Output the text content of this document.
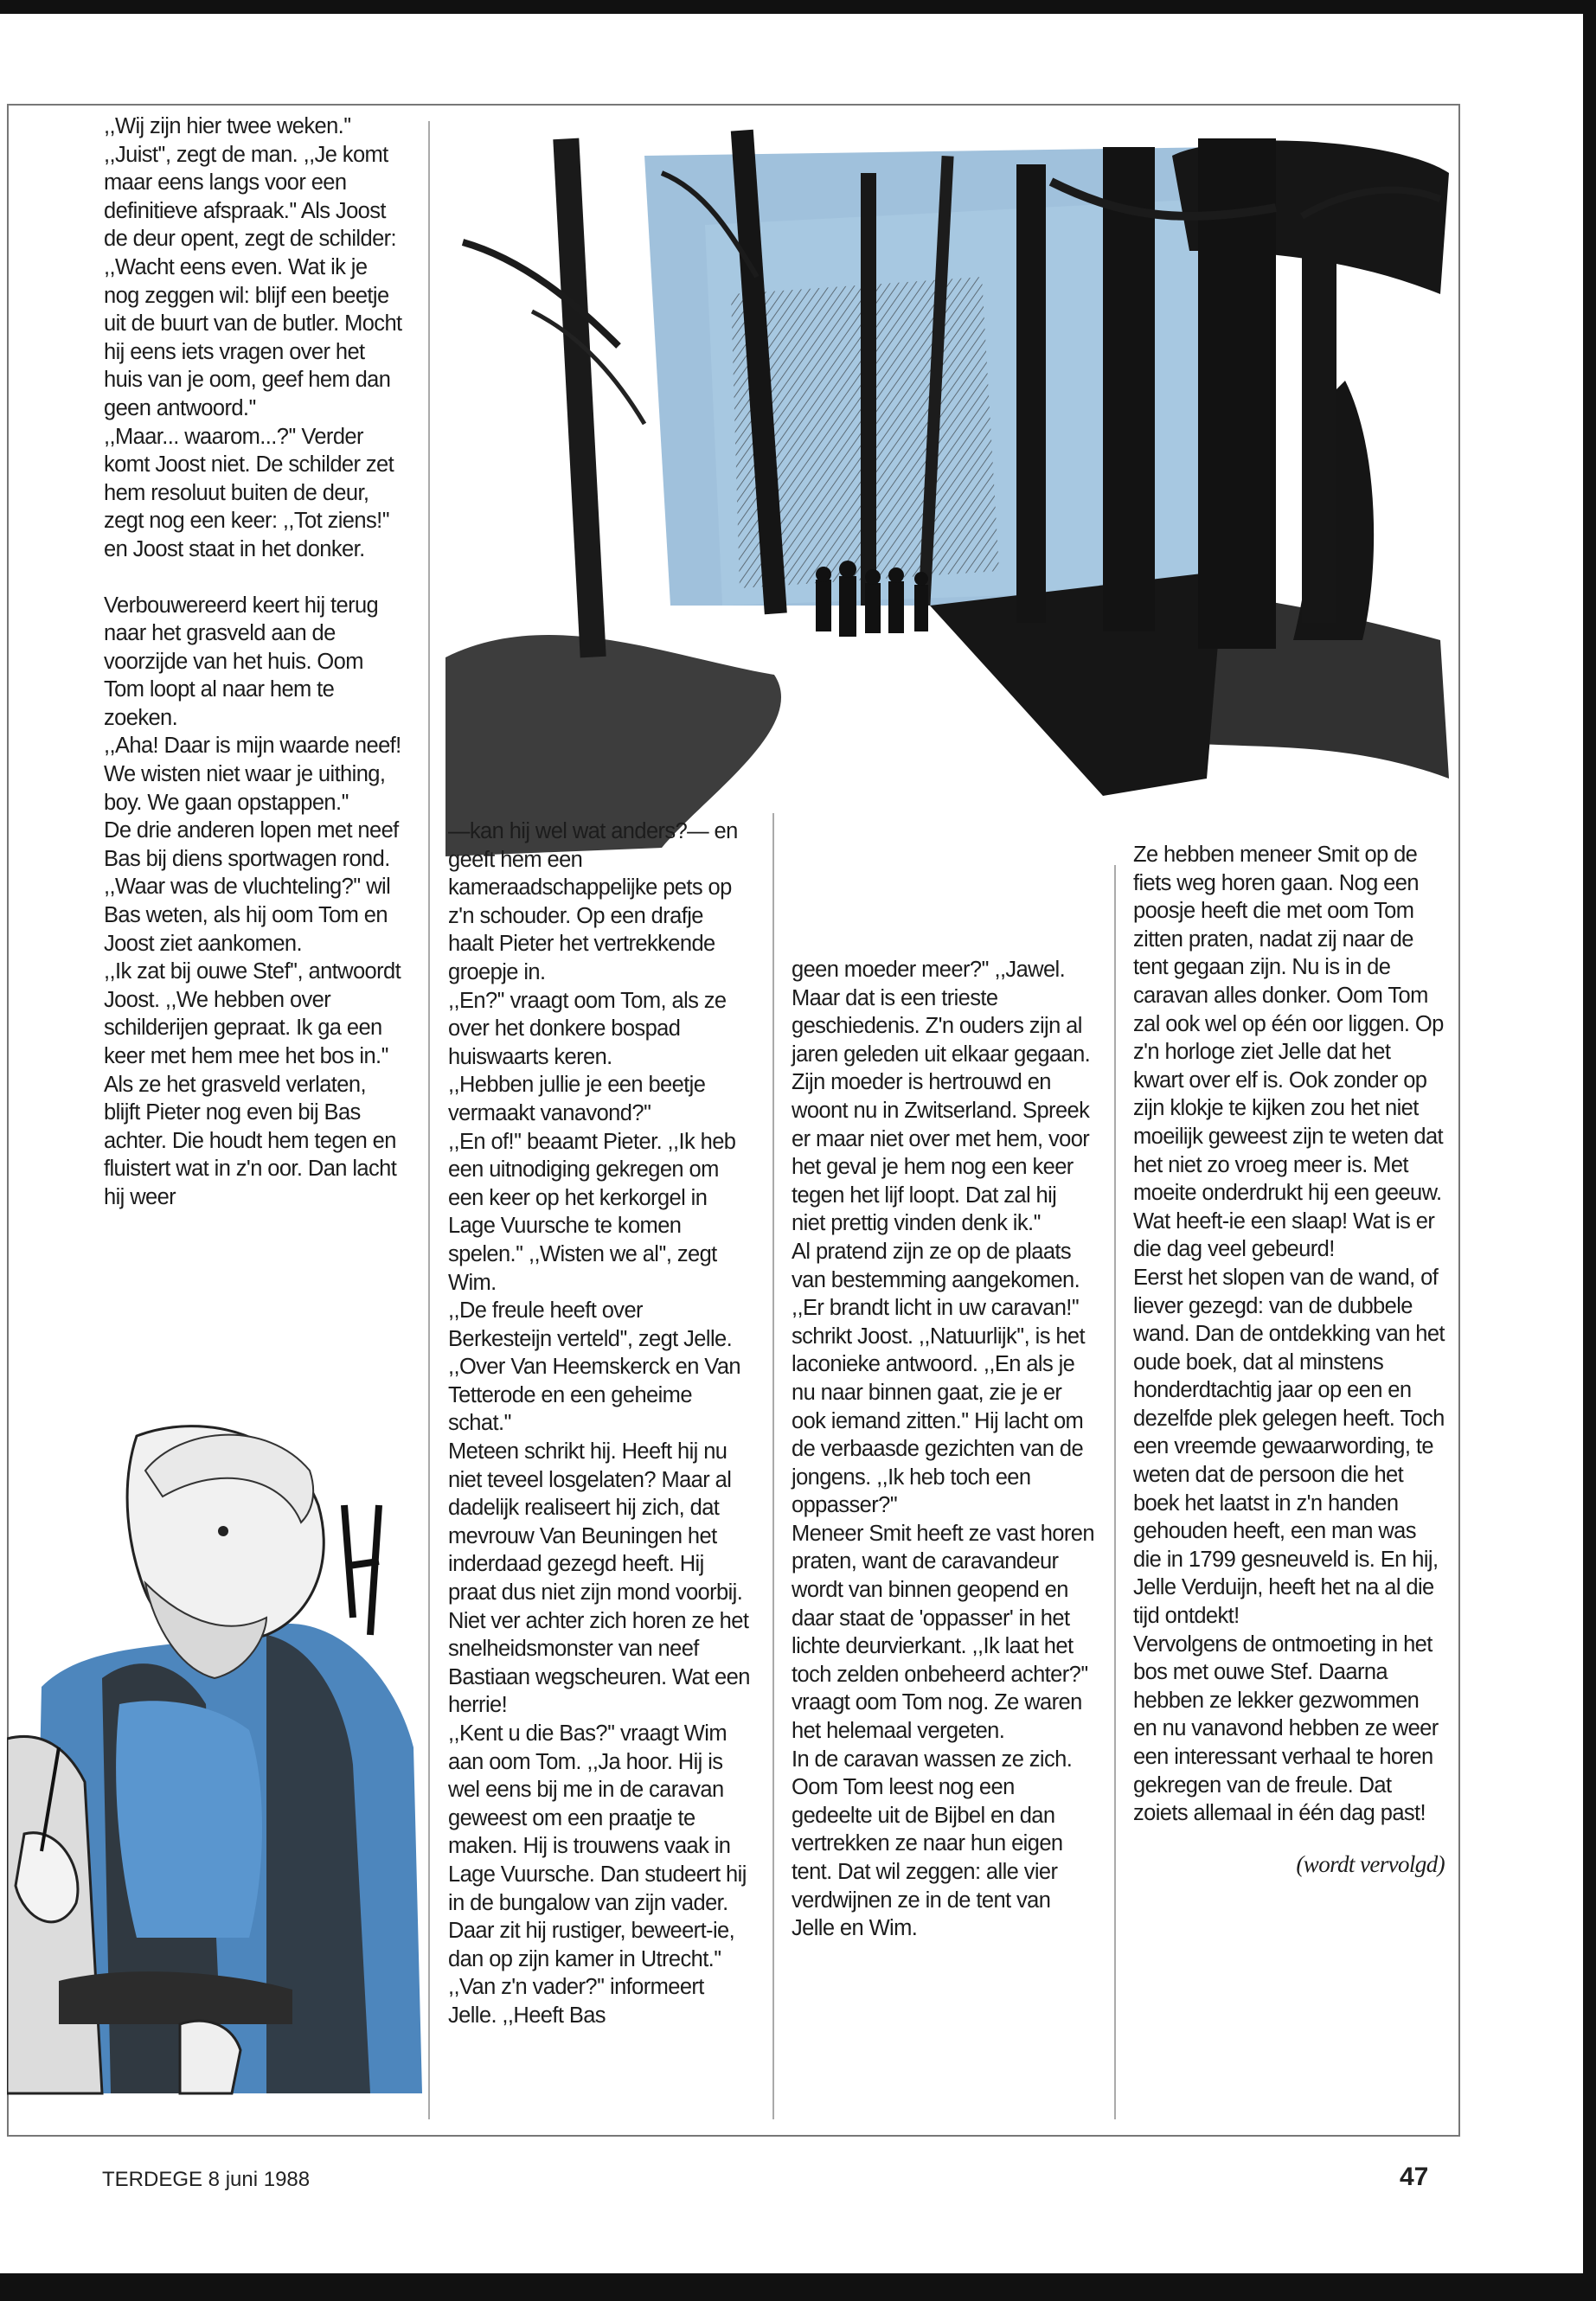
,,Wij zijn hier twee weken.'' ,,Juist'', zegt de man. ,,Je komt maar eens langs voor een definitieve afspraak.'' Als Joost de deur opent, zegt de schilder: ,,Wacht eens even. Wat ik je nog zeggen wil: blijf een beetje uit de buurt van de butler. Mocht hij eens iets vragen over het huis van je oom, geef hem dan geen antwoord.''

,,Maar... waarom...?'' Verder komt Joost niet. De schilder zet hem resoluut buiten de deur, zegt nog een keer: ,,Tot ziens!'' en Joost staat in het donker.

Verbouwereerd keert hij terug naar het grasveld aan de voorzijde van het huis. Oom Tom loopt al naar hem te zoeken.

,,Aha! Daar is mijn waarde neef! We wisten niet waar je uithing, boy. We gaan opstappen.''

De drie anderen lopen met neef Bas bij diens sportwagen rond. ,,Waar was de vluchteling?'' wil Bas weten, als hij oom Tom en Joost ziet aankomen.

,,Ik zat bij ouwe Stef'', antwoordt Joost. ,,We hebben over schilderijen gepraat. Ik ga een keer met hem mee het bos in.''

Als ze het grasveld verlaten, blijft Pieter nog even bij Bas achter. Die houdt hem tegen en fluistert wat in z'n oor. Dan lacht hij weer

—kan hij wel wat anders?— en geeft hem een kameraadschappelijke pets op z'n schouder. Op een drafje haalt Pieter het vertrekkende groepje in.

,,En?'' vraagt oom Tom, als ze over het donkere bospad huiswaarts keren.

,,Hebben jullie je een beetje vermaakt vanavond?''

,,En of!'' beaamt Pieter. ,,Ik heb een uitnodiging gekregen om een keer op het kerkorgel in Lage Vuursche te komen spelen.'' ,,Wisten we al'', zegt Wim.

,,De freule heeft over Berkesteijn verteld'', zegt Jelle. ,,Over Van Heemskerck en Van Tetterode en een geheime schat.''

Meteen schrikt hij. Heeft hij nu niet teveel losgelaten? Maar al dadelijk realiseert hij zich, dat mevrouw Van Beuningen het inderdaad gezegd heeft. Hij praat dus niet zijn mond voorbij.

Niet ver achter zich horen ze het snelheidsmonster van neef Bastiaan wegscheuren. Wat een herrie!

,,Kent u die Bas?'' vraagt Wim aan oom Tom. ,,Ja hoor. Hij is wel eens bij me in de caravan geweest om een praatje te maken. Hij is trouwens vaak in Lage Vuursche. Dan studeert hij in de bungalow van zijn vader. Daar zit hij rustiger, beweert-ie, dan op zijn kamer in Utrecht.''

,,Van z'n vader?'' informeert Jelle. ,,Heeft Bas

geen moeder meer?'' ,,Jawel. Maar dat is een trieste geschiedenis. Z'n ouders zijn al jaren geleden uit elkaar gegaan. Zijn moeder is hertrouwd en woont nu in Zwitserland. Spreek er maar niet over met hem, voor het geval je hem nog een keer tegen het lijf loopt. Dat zal hij niet prettig vinden denk ik.''

Al pratend zijn ze op de plaats van bestemming aangekomen. ,,Er brandt licht in uw caravan!'' schrikt Joost. ,,Natuurlijk'', is het laconieke antwoord. ,,En als je nu naar binnen gaat, zie je er ook iemand zitten.'' Hij lacht om de verbaasde gezichten van de jongens. ,,Ik heb toch een oppasser?''

Meneer Smit heeft ze vast horen praten, want de caravandeur wordt van binnen geopend en daar staat de 'oppasser' in het lichte deurvierkant. ,,Ik laat het toch zelden onbeheerd achter?'' vraagt oom Tom nog. Ze waren het helemaal vergeten.

In de caravan wassen ze zich. Oom Tom leest nog een gedeelte uit de Bijbel en dan vertrekken ze naar hun eigen tent. Dat wil zeggen: alle vier verdwijnen ze in de tent van Jelle en Wim.

Ze hebben meneer Smit op de fiets weg horen gaan. Nog een poosje heeft die met oom Tom zitten praten, nadat zij naar de tent gegaan zijn. Nu is in de caravan alles donker. Oom Tom zal ook wel op één oor liggen. Op z'n horloge ziet Jelle dat het kwart over elf is. Ook zonder op zijn klokje te kijken zou het niet moeilijk geweest zijn te weten dat het niet zo vroeg meer is. Met moeite onderdrukt hij een geeuw. Wat heeft-ie een slaap! Wat is er die dag veel gebeurd!

Eerst het slopen van de wand, of liever gezegd: van de dubbele wand. Dan de ontdekking van het oude boek, dat al minstens honderdtachtig jaar op een en dezelfde plek gelegen heeft. Toch een vreemde gewaarwording, te weten dat de persoon die het boek het laatst in z'n handen gehouden heeft, een man was die in 1799 gesneuveld is. En hij, Jelle Verduijn, heeft het na al die tijd ontdekt!

Vervolgens de ontmoeting in het bos met ouwe Stef. Daarna hebben ze lekker gezwommen en nu vanavond hebben ze weer een interessant verhaal te horen gekregen van de freule. Dat zoiets allemaal in één dag past!

(wordt vervolgd)

TERDEGE 8 juni 1988	47
